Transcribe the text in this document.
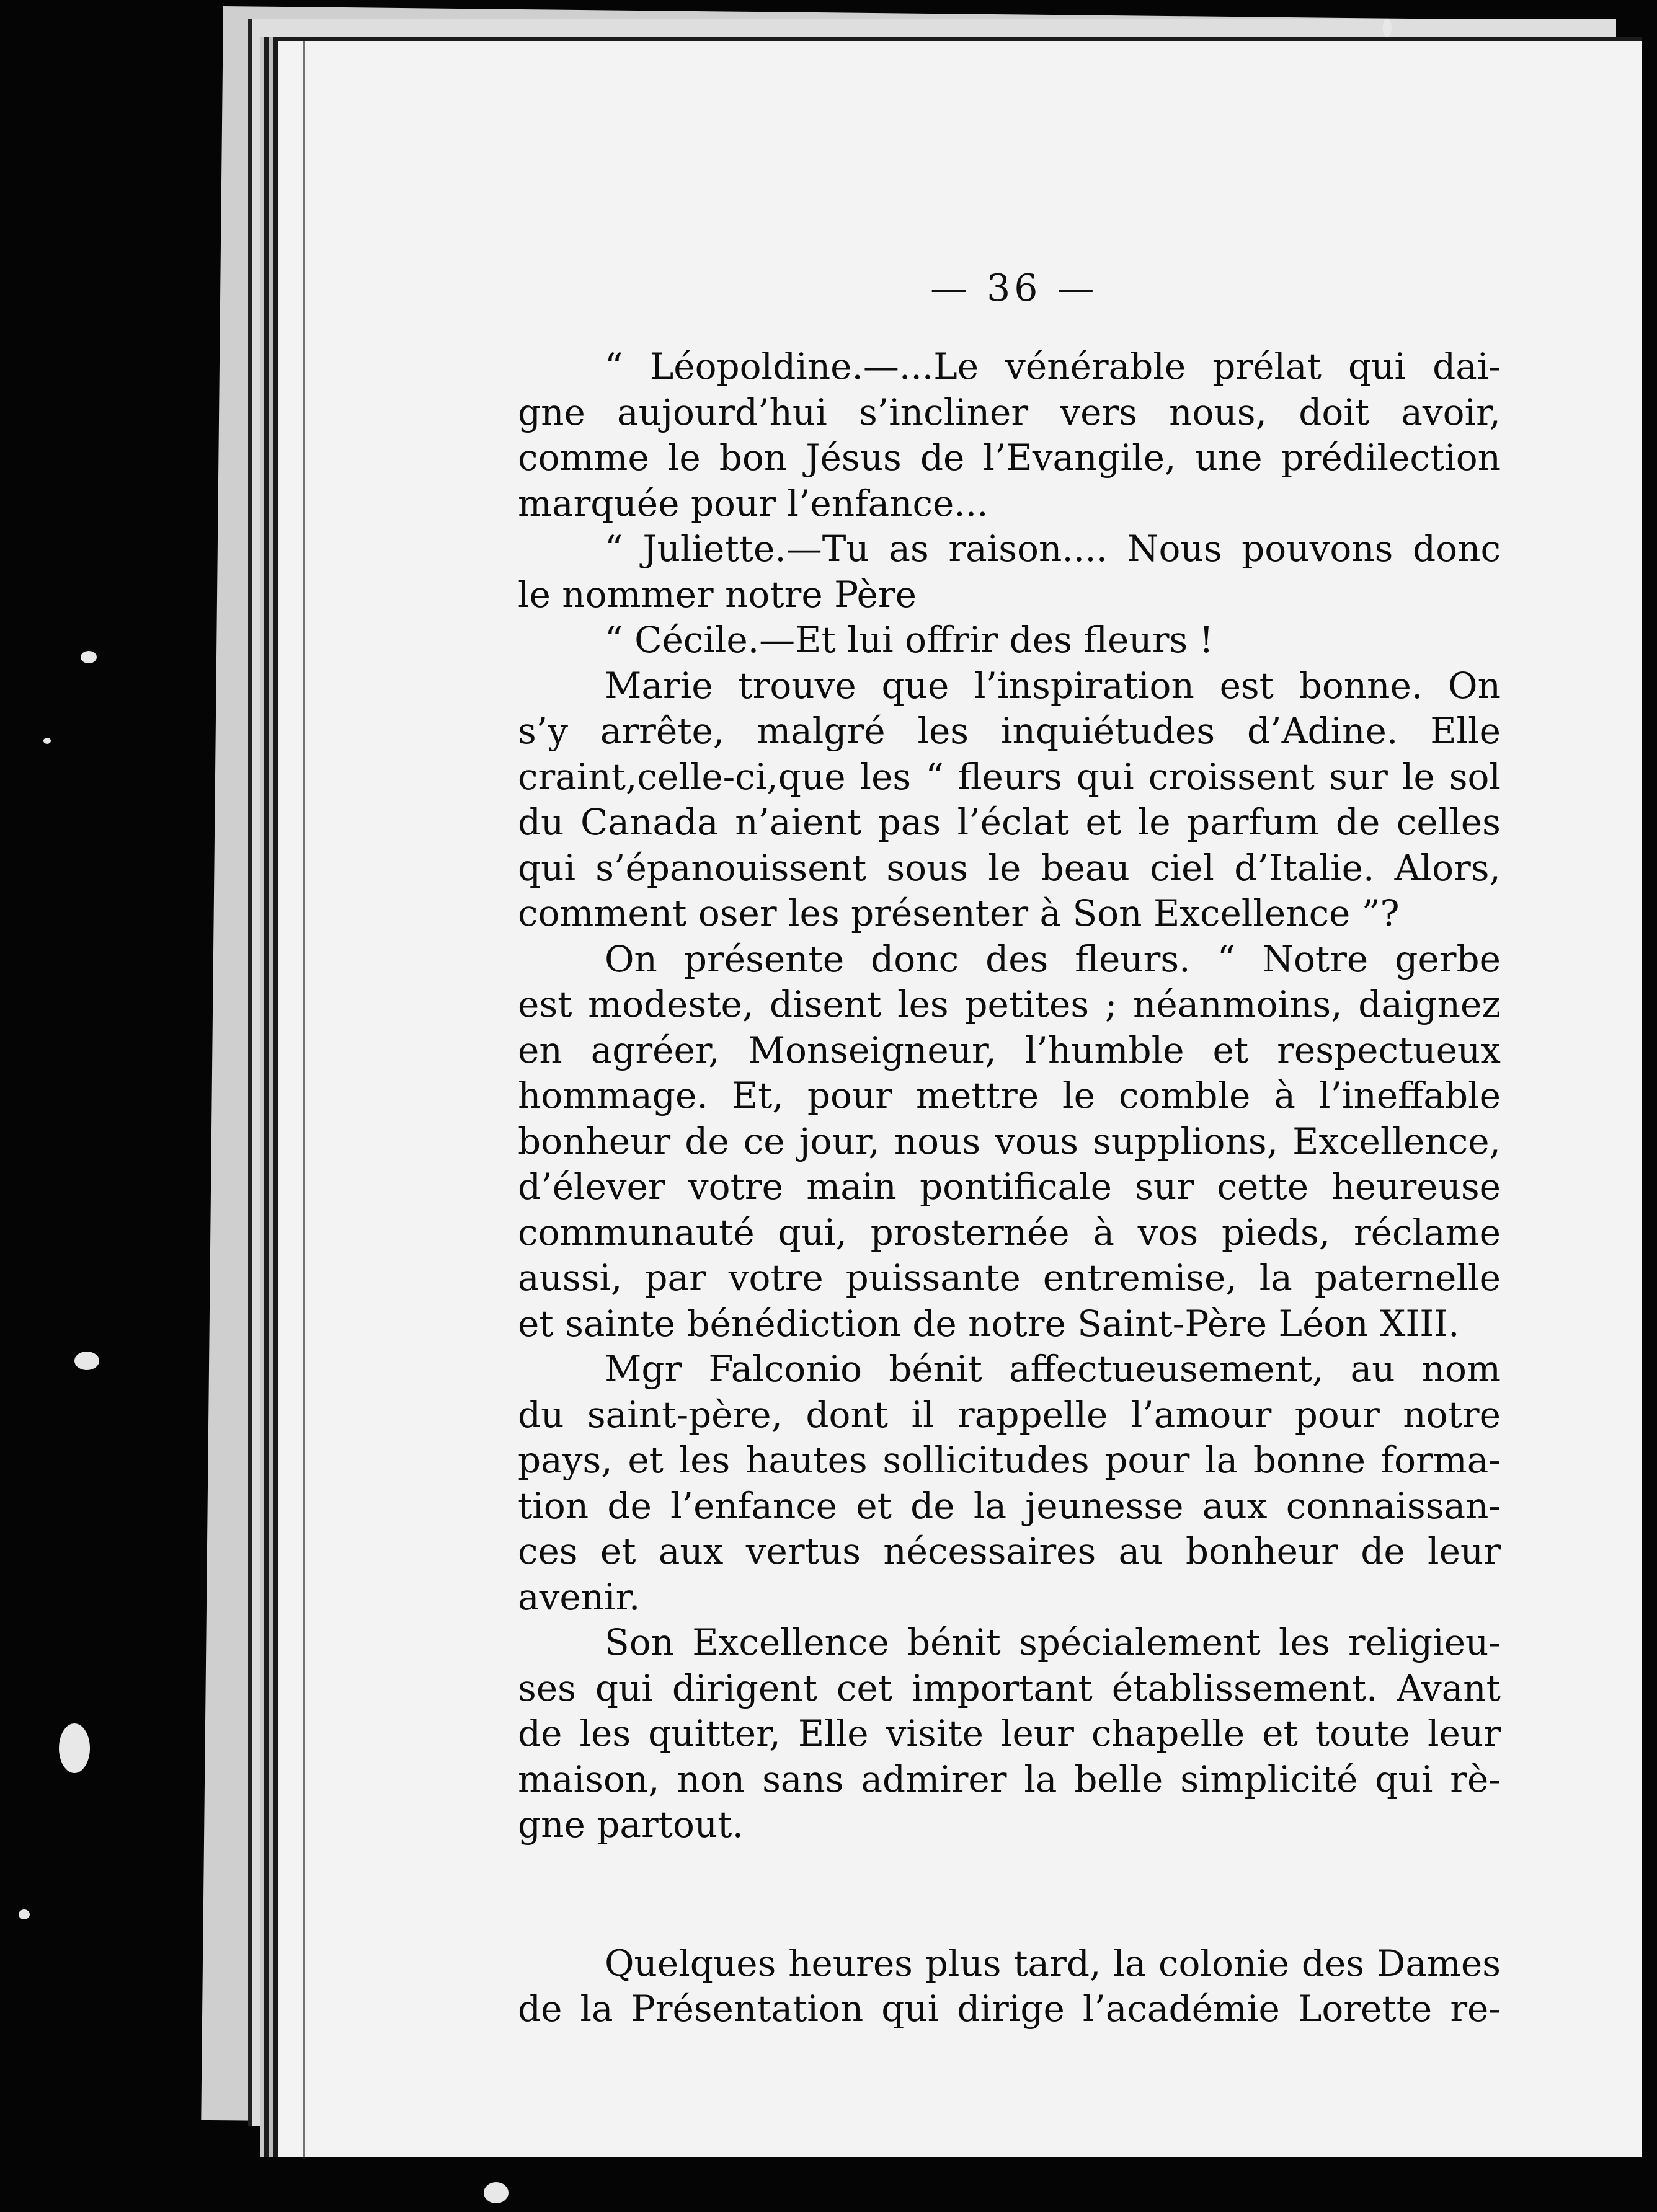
— 36 —
“ Léopoldine.—...Le vénérable prélat qui dai-
gne aujourd’hui s’incliner vers nous, doit avoir,
comme le bon Jésus de l’Evangile, une prédilection
marquée pour l’enfance...
“ Juliette.—Tu as raison.... Nous pouvons donc
le nommer notre Père
“ Cécile.—Et lui offrir des fleurs !
Marie trouve que l’inspiration est bonne. On
s’y arrête, malgré les inquiétudes d’Adine. Elle
craint,celle-ci,que les “ fleurs qui croissent sur le sol
du Canada n’aient pas l’éclat et le parfum de celles
qui s’épanouissent sous le beau ciel d’Italie. Alors,
comment oser les présenter à Son Excellence ”?
On présente donc des fleurs. “ Notre gerbe
est modeste, disent les petites ; néanmoins, daignez
en agréer, Monseigneur, l’humble et respectueux
hommage. Et, pour mettre le comble à l’ineffable
bonheur de ce jour, nous vous supplions, Excellence,
d’élever votre main pontificale sur cette heureuse
communauté qui, prosternée à vos pieds, réclame
aussi, par votre puissante entremise, la paternelle
et sainte bénédiction de notre Saint-Père Léon XIII.
Mgr Falconio bénit affectueusement, au nom
du saint-père, dont il rappelle l’amour pour notre
pays, et les hautes sollicitudes pour la bonne forma-
tion de l’enfance et de la jeunesse aux connaissan-
ces et aux vertus nécessaires au bonheur de leur
avenir.
Son Excellence bénit spécialement les religieu-
ses qui dirigent cet important établissement. Avant
de les quitter, Elle visite leur chapelle et toute leur
maison, non sans admirer la belle simplicité qui rè-
gne partout.
Quelques heures plus tard, la colonie des Dames
de la Présentation qui dirige l’académie Lorette re-
